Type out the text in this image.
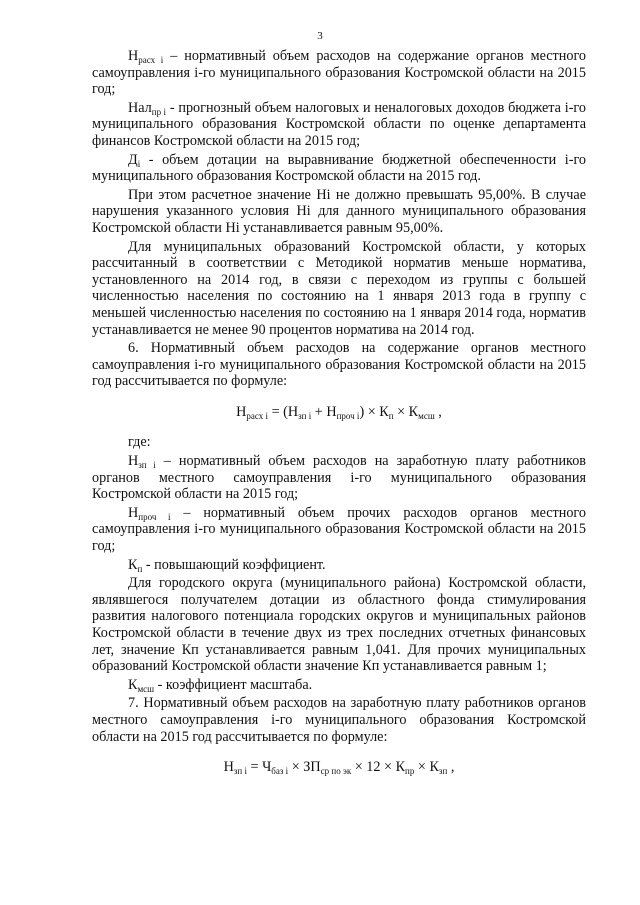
3

$Н_{расх i}$ – нормативный объем расходов на содержание органов местного самоуправления i-го муниципального образования Костромской области на 2015 год;

Нал$_{пр i}$ - прогнозный объем налоговых и неналоговых доходов бюджета i-го муниципального образования Костромской области по оценке департамента финансов Костромской области на 2015 год;

$Д_i$ - объем дотации на выравнивание бюджетной обеспеченности i-го муниципального образования Костромской области на 2015 год.

При этом расчетное значение Нi не должно превышать 95,00%. В случае нарушения указанного условия Нi для данного муниципального образования Костромской области Нi устанавливается равным 95,00%.

Для муниципальных образований Костромской области, у которых рассчитанный в соответствии с Методикой норматив меньше норматива, установленного на 2014 год, в связи с переходом из группы с большей численностью населения по состоянию на 1 января 2013 года в группу с меньшей численностью населения по состоянию на 1 января 2014 года, норматив устанавливается не менее 90 процентов норматива на 2014 год.

6. Нормативный объем расходов на содержание органов местного самоуправления i-го муниципального образования Костромской области на 2015 год рассчитывается по формуле:

$Н_{расх i} = (Н_{зп i} + Н_{проч i}) \times К_п \times К_{мсш}$ ,

где:

$Н_{зп i}$ – нормативный объем расходов на заработную плату работников органов местного самоуправления i-го муниципального образования Костромской области на 2015 год;

$Н_{проч i}$ – нормативный объем прочих расходов органов местного самоуправления i-го муниципального образования Костромской области на 2015 год;

$К_п$ - повышающий коэффициент.

Для городского округа (муниципального района) Костромской области, являвшегося получателем дотации из областного фонда стимулирования развития налогового потенциала городских округов и муниципальных районов Костромской области в течение двух из трех последних отчетных финансовых лет, значение Кп устанавливается равным 1,041. Для прочих муниципальных образований Костромской области значение Кп устанавливается равным 1;

$К_{мсш}$ - коэффициент масштаба.

7. Нормативный объем расходов на заработную плату работников органов местного самоуправления i-го муниципального образования Костромской области на 2015 год рассчитывается по формуле:

$Н_{зп i} = Ч_{баз i} \times ЗП_{ср по эк} \times 12 \times К_{пр} \times К_{зп}$ ,
